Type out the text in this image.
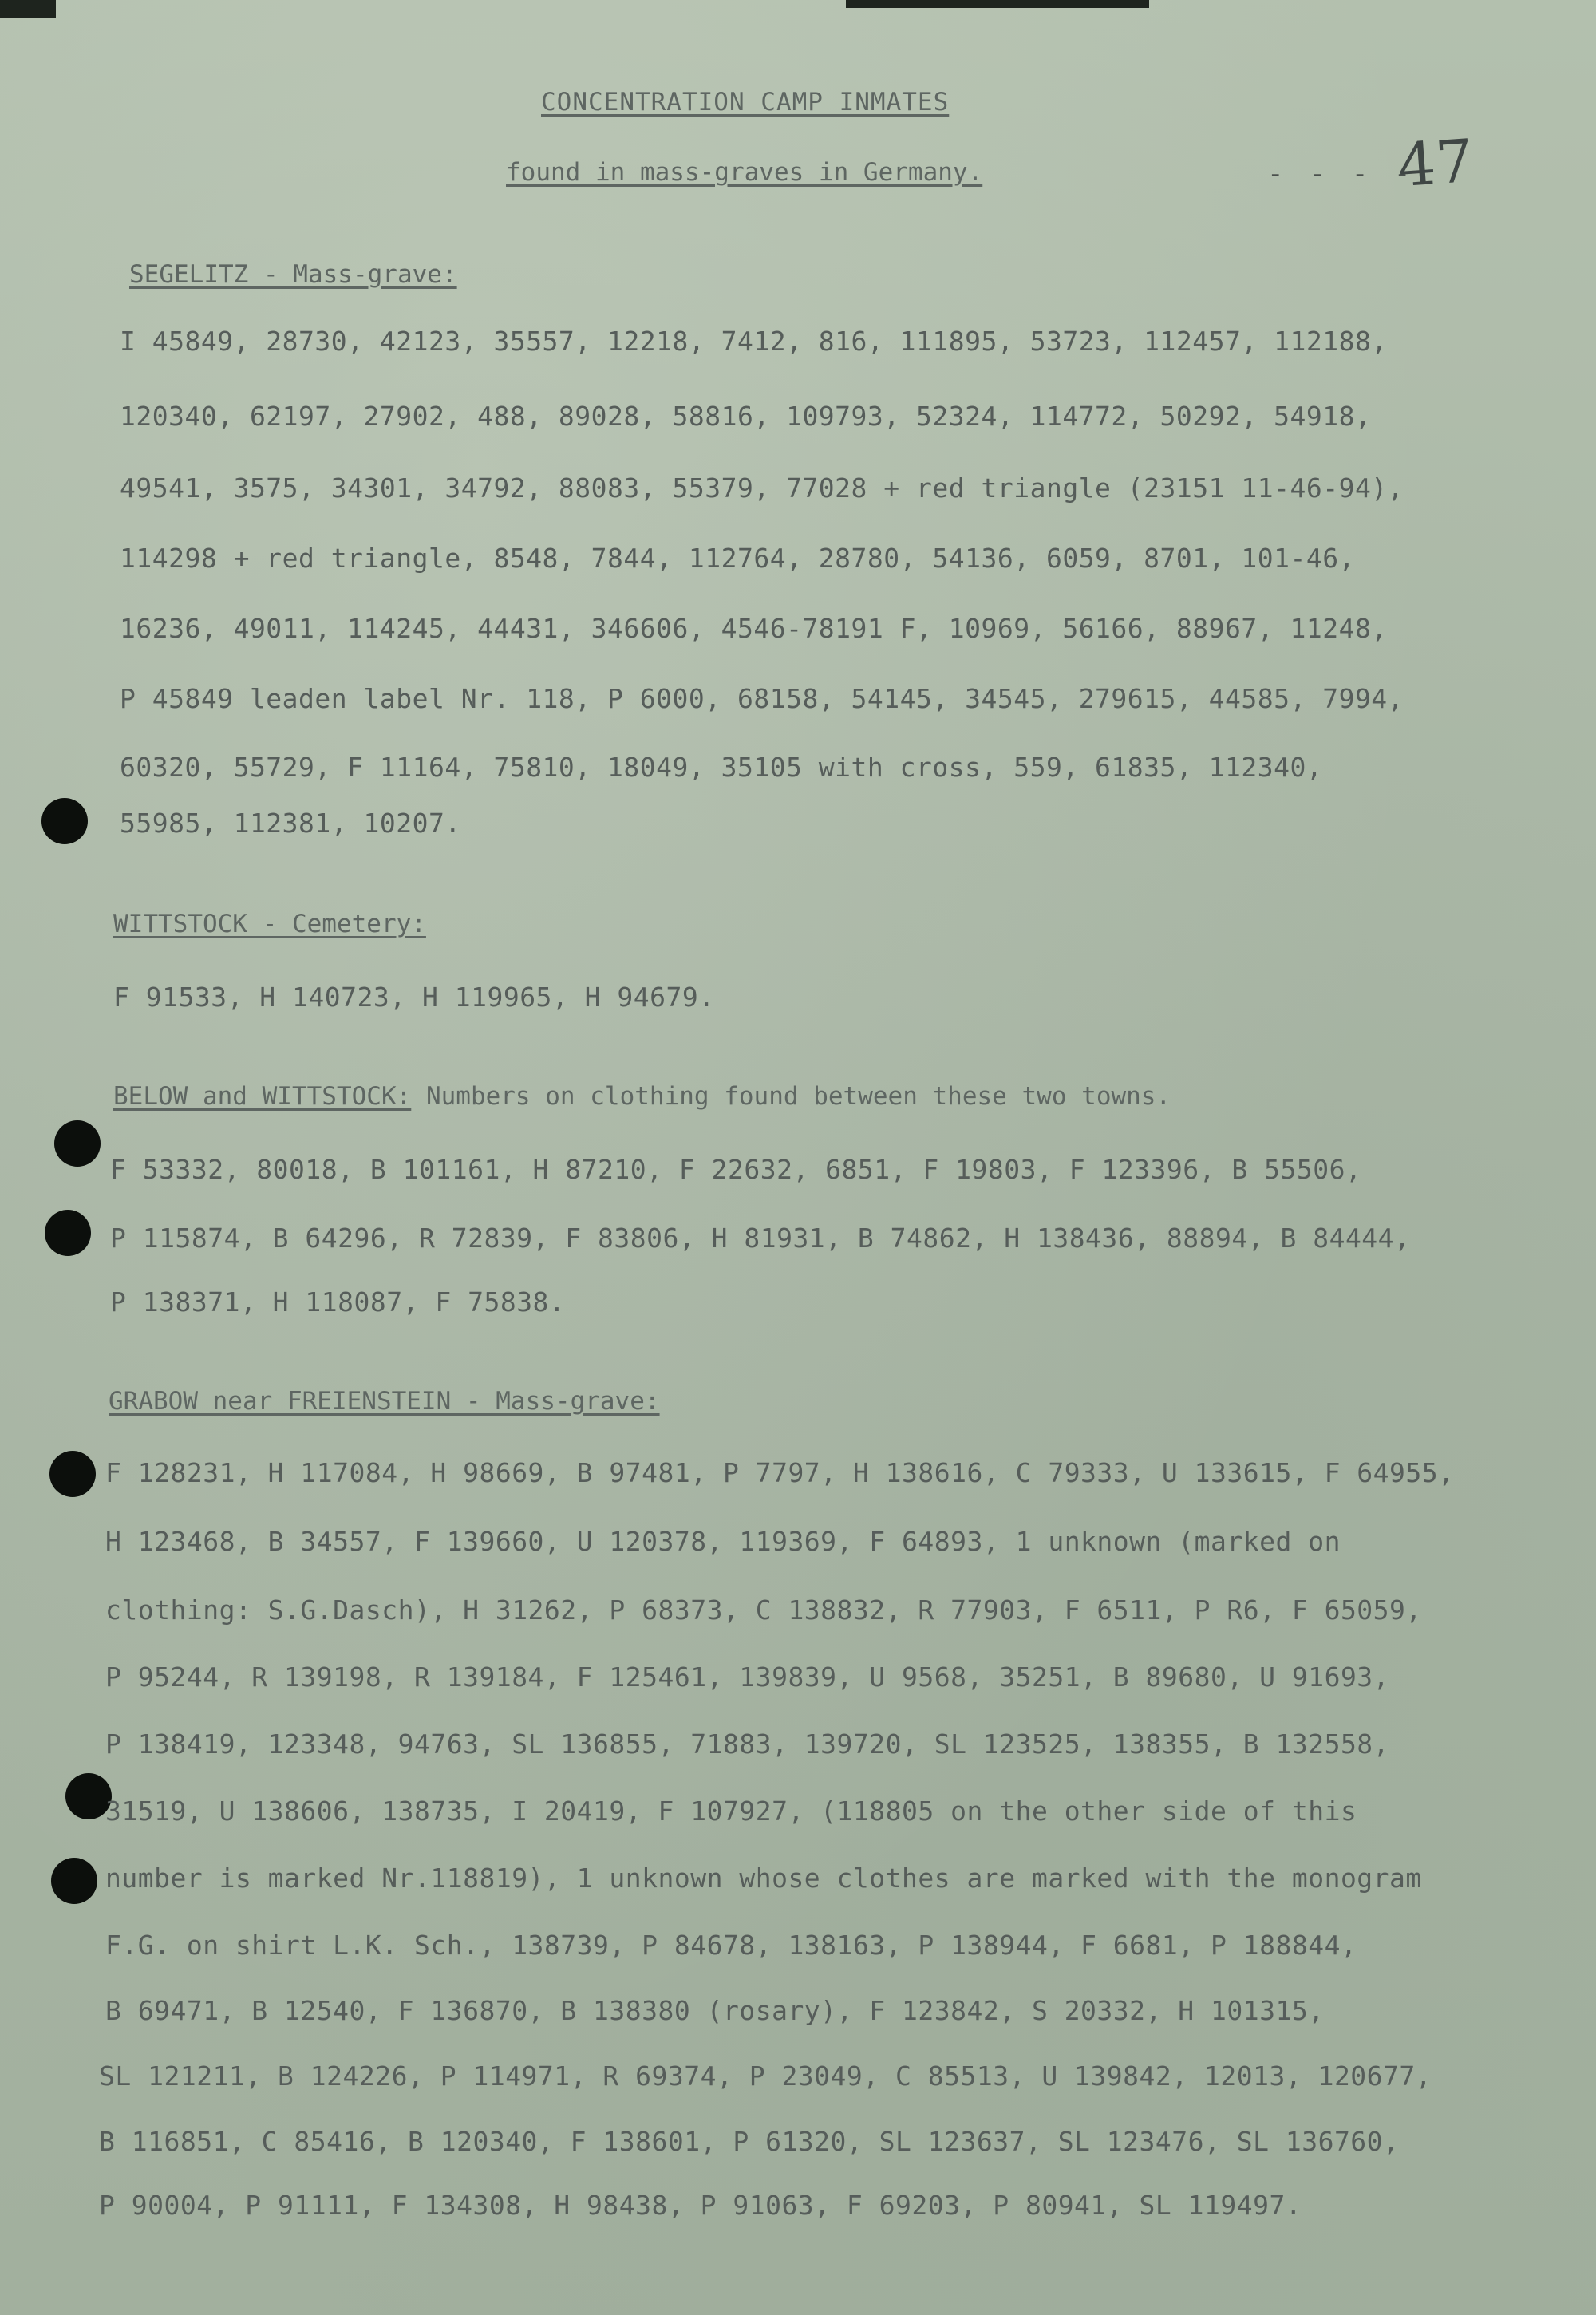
CONCENTRATION CAMP INMATES
found in mass-graves in Germany.	- - - -
47
SEGELITZ - Mass-grave:
I 45849, 28730, 42123, 35557, 12218, 7412, 816, 111895, 53723, 112457, 112188,
120340, 62197, 27902, 488, 89028, 58816, 109793, 52324, 114772, 50292, 54918,
49541, 3575, 34301, 34792, 88083, 55379, 77028 + red triangle (23151 11-46-94),
114298 + red triangle, 8548, 7844, 112764, 28780, 54136, 6059, 8701, 101-46,
16236, 49011, 114245, 44431, 346606, 4546-78191 F, 10969, 56166, 88967, 11248,
P 45849 leaden label Nr. 118, P 6000, 68158, 54145, 34545, 279615, 44585, 7994,
60320, 55729, F 11164, 75810, 18049, 35105 with cross, 559, 61835, 112340,
55985, 112381, 10207.
WITTSTOCK - Cemetery:
F 91533, H 140723, H 119965, H 94679.
BELOW and WITTSTOCK: Numbers on clothing found between these two towns.
F 53332, 80018, B 101161, H 87210, F 22632, 6851, F 19803, F 123396, B 55506,
P 115874, B 64296, R 72839, F 83806, H 81931, B 74862, H 138436, 88894, B 84444,
P 138371, H 118087, F 75838.
GRABOW near FREIENSTEIN - Mass-grave:
F 128231, H 117084, H 98669, B 97481, P 7797, H 138616, C 79333, U 133615, F 64955,
H 123468, B 34557, F 139660, U 120378, 119369, F 64893, 1 unknown (marked on
clothing: S.G.Dasch), H 31262, P 68373, C 138832, R 77903, F 6511, P R6, F 65059,
P 95244, R 139198, R 139184, F 125461, 139839, U 9568, 35251, B 89680, U 91693,
P 138419, 123348, 94763, SL 136855, 71883, 139720, SL 123525, 138355, B 132558,
31519, U 138606, 138735, I 20419, F 107927, (118805 on the other side of this
number is marked Nr.118819), 1 unknown whose clothes are marked with the monogram
F.G. on shirt L.K. Sch., 138739, P 84678, 138163, P 138944, F 6681, P 188844,
B 69471, B 12540, F 136870, B 138380 (rosary), F 123842, S 20332, H 101315,
SL 121211, B 124226, P 114971, R 69374, P 23049, C 85513, U 139842, 12013, 120677,
B 116851, C 85416, B 120340, F 138601, P 61320, SL 123637, SL 123476, SL 136760,
P 90004, P 91111, F 134308, H 98438, P 91063, F 69203, P 80941, SL 119497.
